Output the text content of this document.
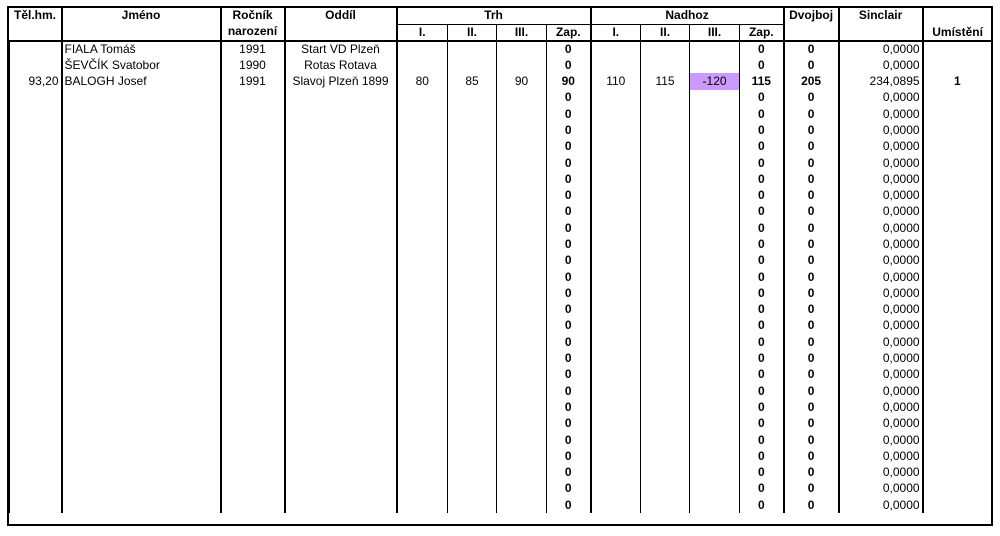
Těl.hm.	Jméno	Ročník	Oddíl	Trh				Nadhoz				Dvojboj	Sinclair	Umístění
		narození		I.	II.	III.	Zap.	I.	II.	III.	Zap.			
	FIALA Tomáš	1991	Start VD Plzeň				0				0	0	0,0000	
	ŠEVČÍK Svatobor	1990	Rotas Rotava				0				0	0	0,0000	
93,20	BALOGH Josef	1991	Slavoj Plzeň 1899	80	85	90	90	110	115	-120	115	205	234,0895	1
							0				0	0	0,0000	
							0				0	0	0,0000	
							0				0	0	0,0000	
							0				0	0	0,0000	
							0				0	0	0,0000	
							0				0	0	0,0000	
							0				0	0	0,0000	
							0				0	0	0,0000	
							0				0	0	0,0000	
							0				0	0	0,0000	
							0				0	0	0,0000	
							0				0	0	0,0000	
							0				0	0	0,0000	
							0				0	0	0,0000	
							0				0	0	0,0000	
							0				0	0	0,0000	
							0				0	0	0,0000	
							0				0	0	0,0000	
							0				0	0	0,0000	
							0				0	0	0,0000	
							0				0	0	0,0000	
							0				0	0	0,0000	
							0				0	0	0,0000	
							0				0	0	0,0000	
							0				0	0	0,0000	
							0				0	0	0,0000	
